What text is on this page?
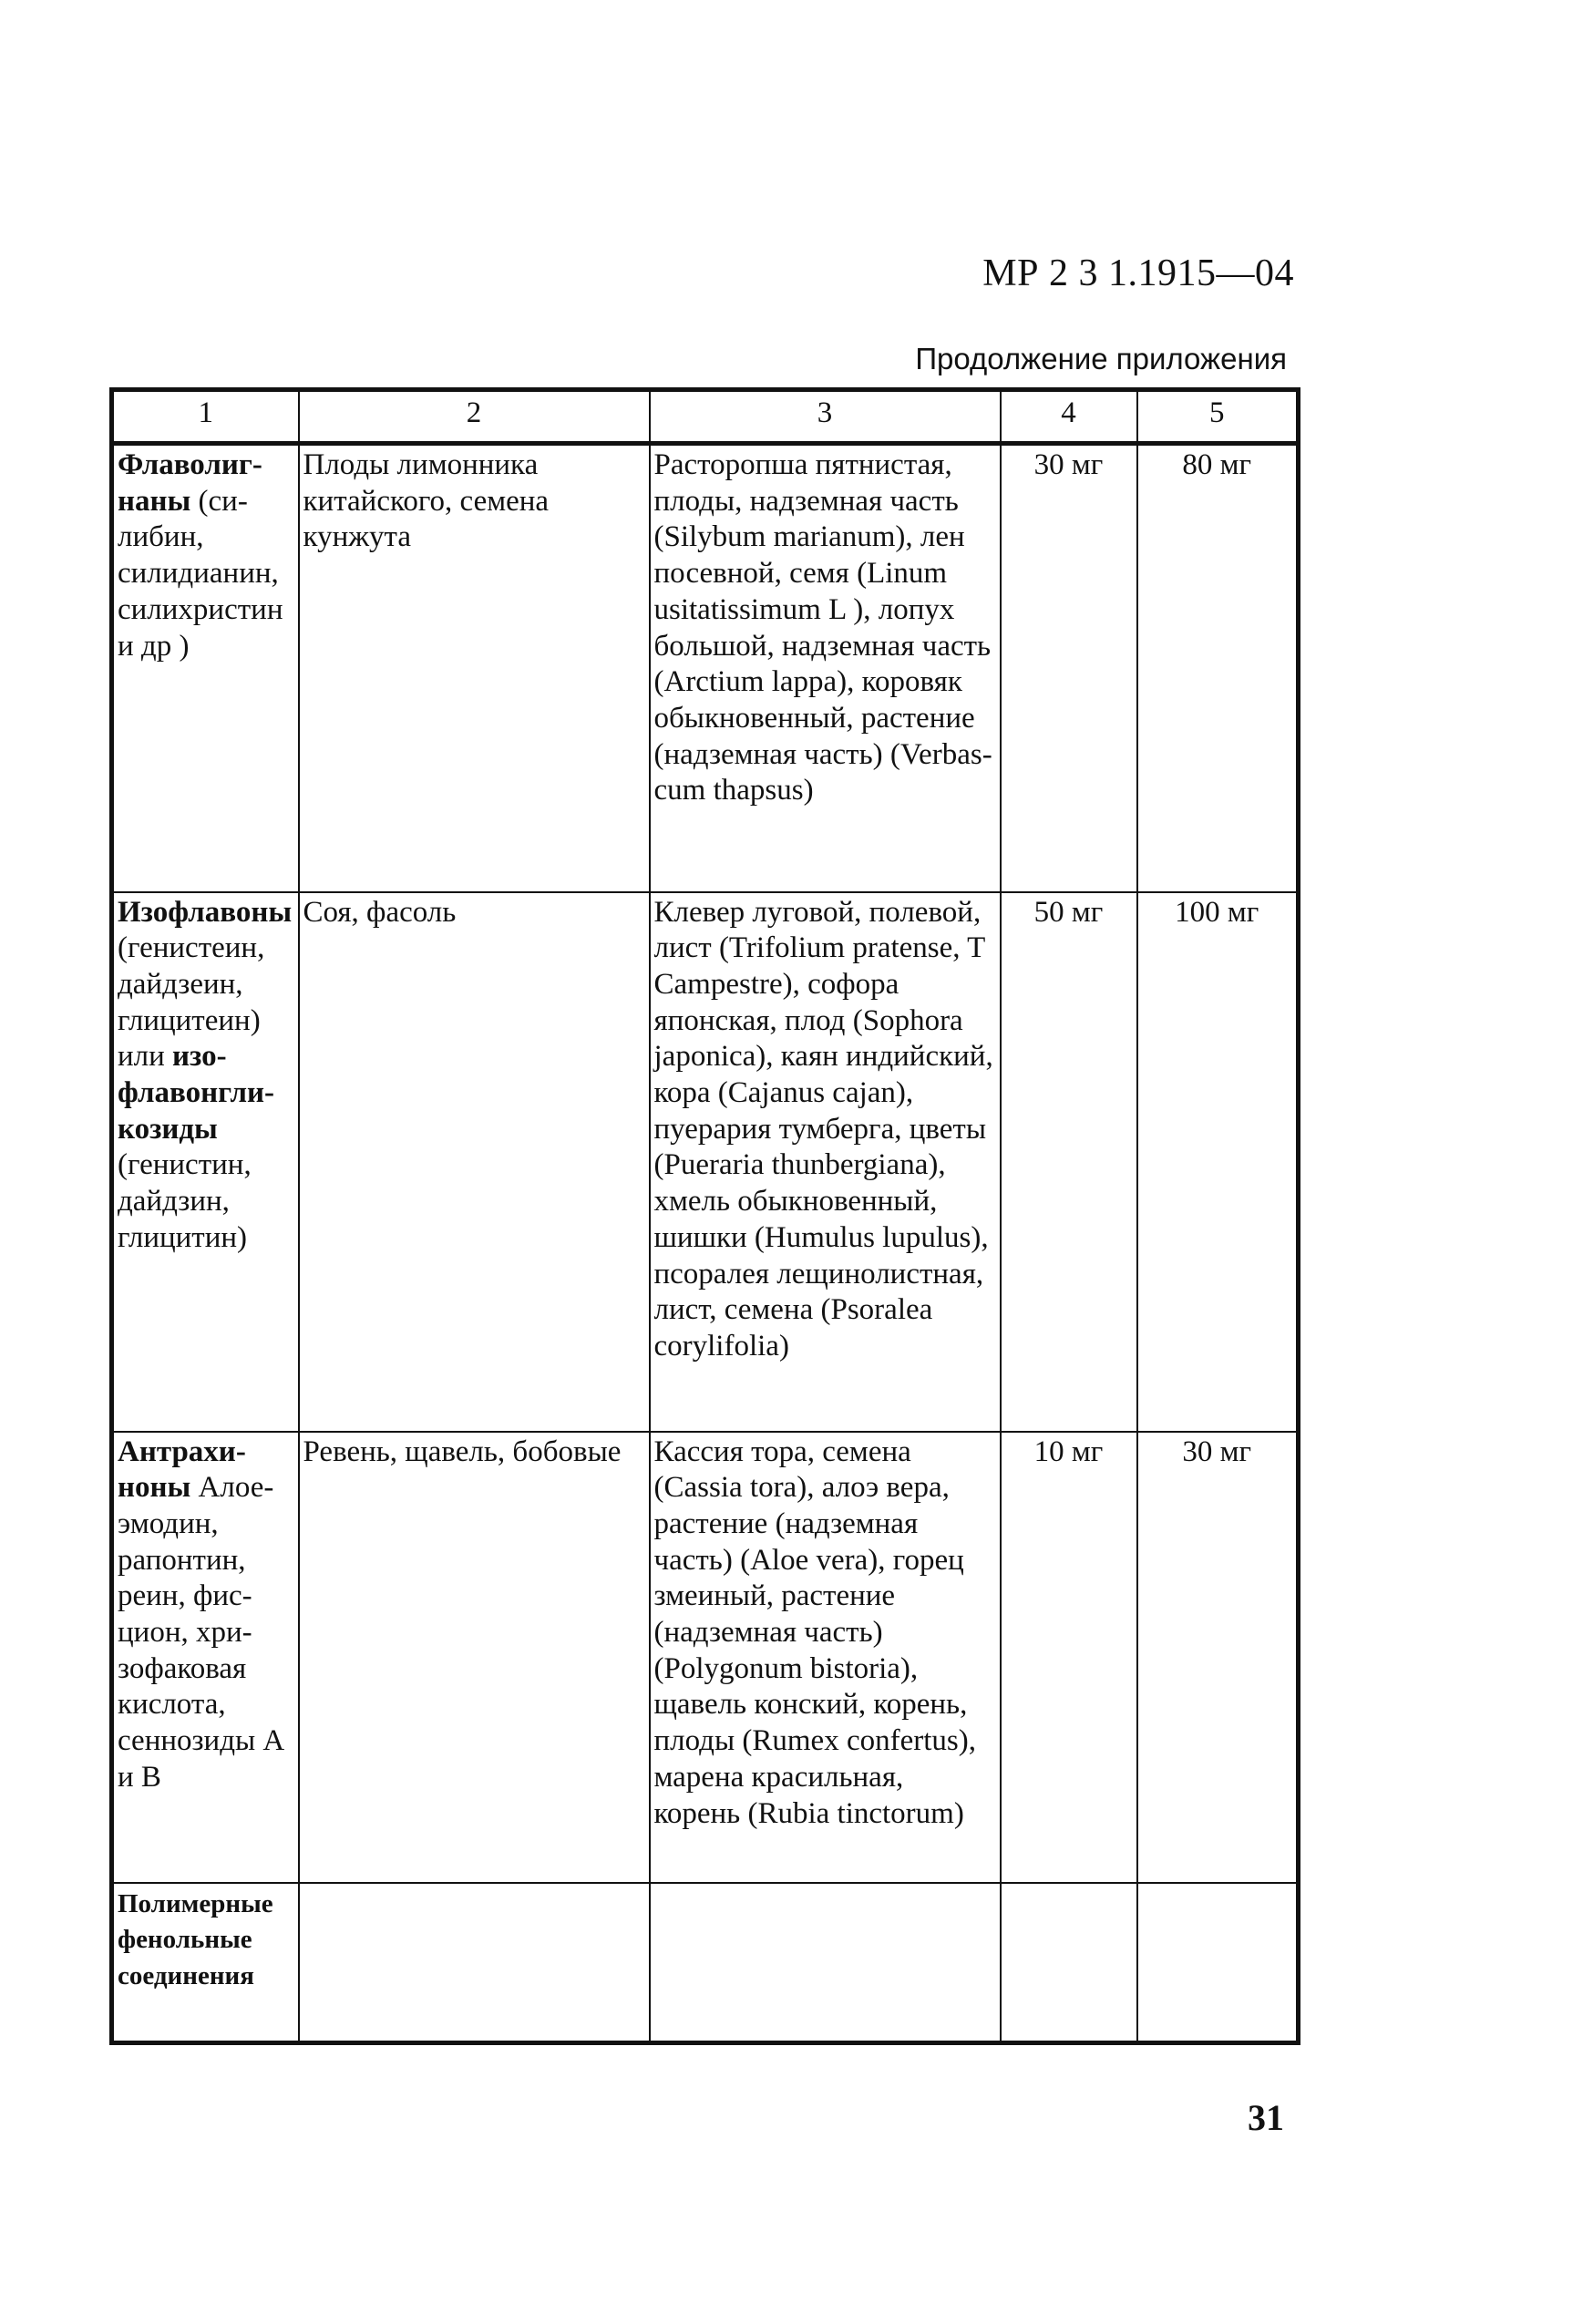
МР 2 3 1.1915—04
Продолжение приложения
1	2	3	4	5
Флаволигнаны (силибин, силидианин, силихристин и др )	Плоды лимонника китайского, семена кунжута	Расторопша пятнистая, плоды, надземная часть (Silybum marianum), лен посевной, семя (Linum usitatissimum L ), лопух большой, надземная часть (Arctium lappa), коровяк обыкновенный, растение (надземная часть) (Verbascum thapsus)	30 мг	80 мг
Изофлавоны (генистеин, дайдзеин, глицитеин) или изофлавонгликозиды (генистин, дайдзин, глицитин)	Соя, фасоль	Клевер луговой, полевой, лист (Trifolium pratense, T Campestre), софора японская, плод (Sophora japonica), каян индийский, кора (Cajanus cajan), пуерария тумберга, цветы (Pueraria thunbergiana), хмель обыкновенный, шишки (Humulus lupulus), псоралея лещинолистная, лист, семена (Psoralea corylifolia)	50 мг	100 мг
Антрахиноны Алое-эмодин, рапонтин, реин, фисцион, хризофаковая кислота, сеннозиды А и В	Ревень, щавель, бобовые	Кассия тора, семена (Cassia tora), алоэ вера, растение (надземная часть) (Aloe vera), горец змеиный, растение (надземная часть) (Polygonum bistoria), щавель конский, корень, плоды (Rumex confertus), марена красильная, корень (Rubia tinctorum)	10 мг	30 мг
Полимерные фенольные соединения				
31
